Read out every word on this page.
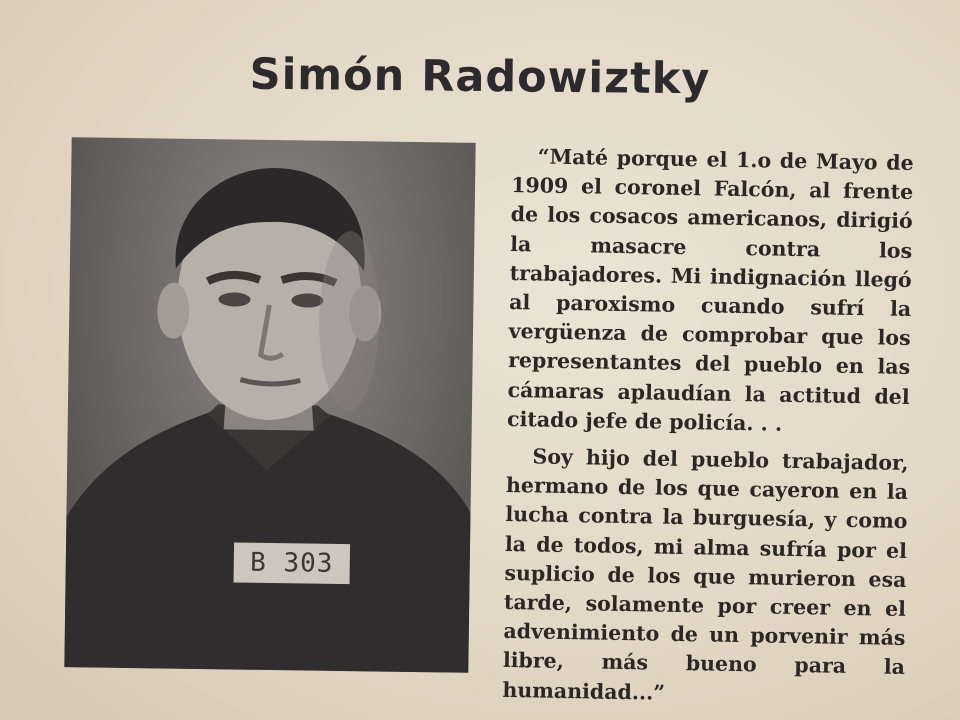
Simón Radowiztky
B 303

“Maté porque el 1.o de Mayo de 1909 el coronel Falcón, al frente de los cosacos americanos, dirigió la masacre contra los trabajadores. Mi indignación llegó al paroxismo cuando sufrí la vergüenza de comprobar que los representantes del pueblo en las cámaras aplaudían la actitud del citado jefe de policía. . .

Soy hijo del pueblo trabajador, hermano de los que cayeron en la lucha contra la burguesía, y como la de todos, mi alma sufría por el suplicio de los que murieron esa tarde, solamente por creer en el advenimiento de un porvenir más libre, más bueno para la humanidad...”
